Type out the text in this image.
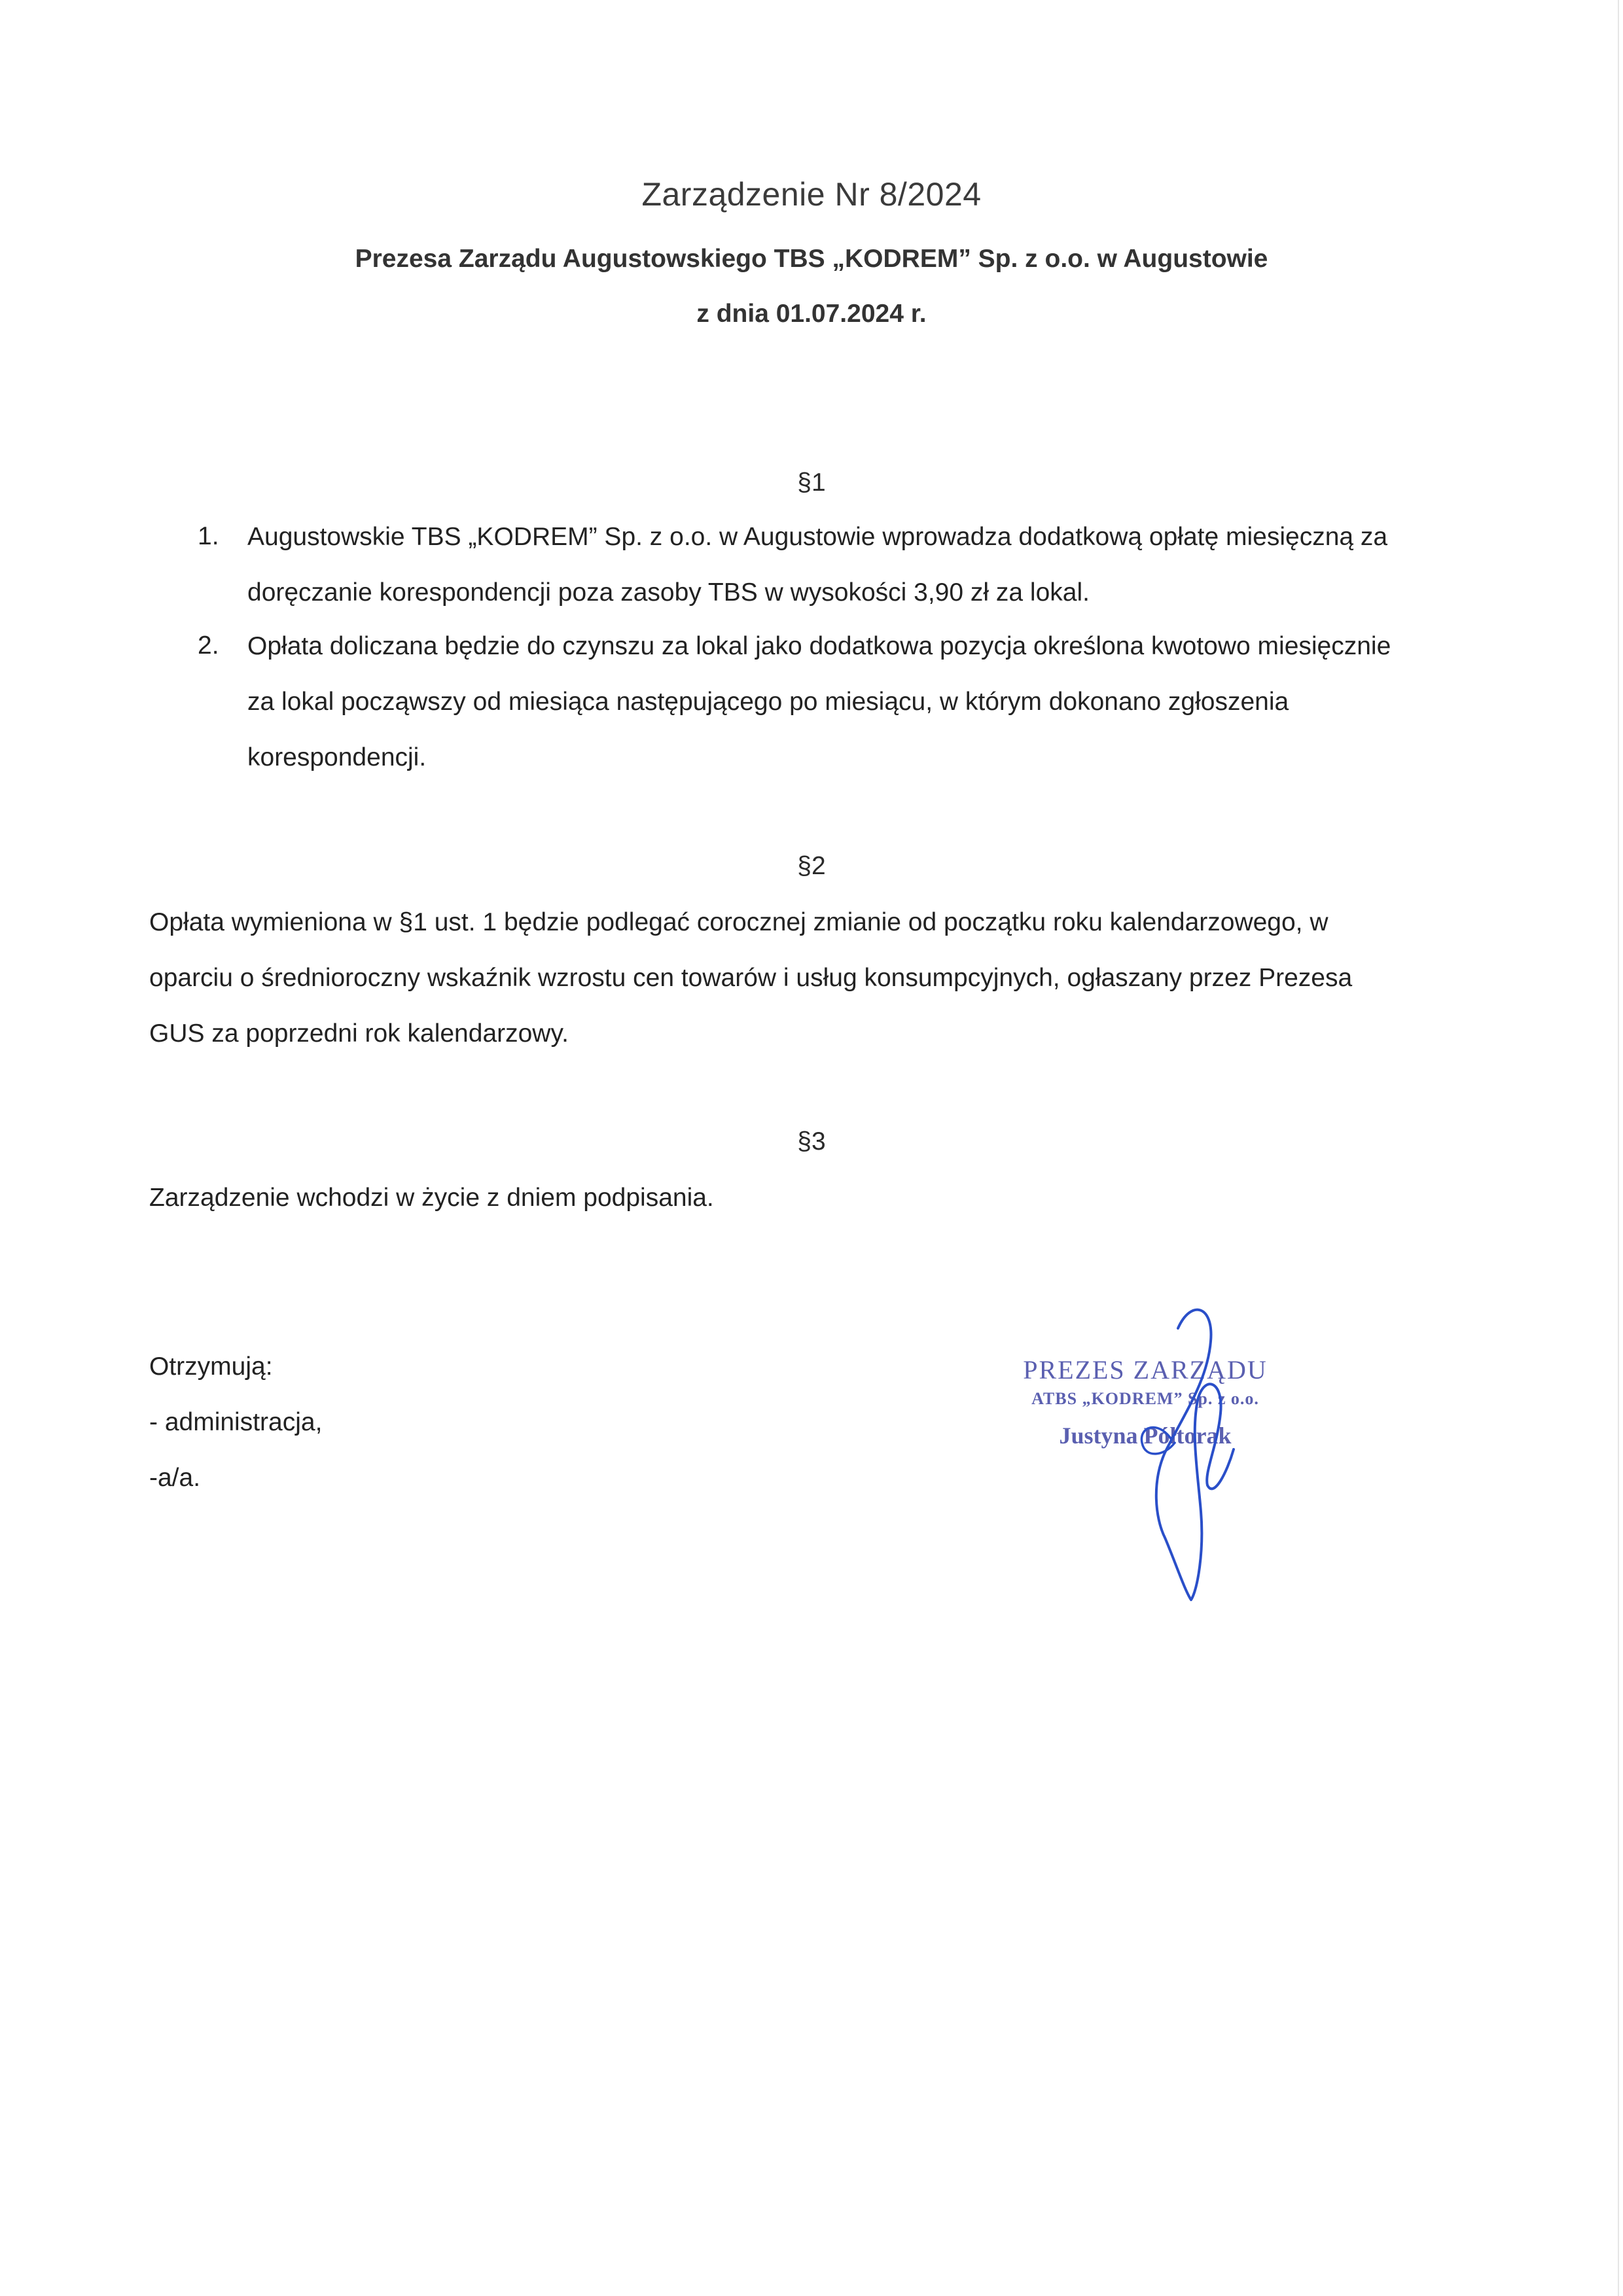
Zarządzenie Nr 8/2024
Prezesa Zarządu Augustowskiego TBS „KODREM” Sp. z o.o. w Augustowie
z dnia 01.07.2024 r.
§1
1. Augustowskie TBS „KODREM” Sp. z o.o. w Augustowie wprowadza dodatkową opłatę miesięczną za
doręczanie korespondencji poza zasoby TBS w wysokości 3,90 zł za lokal.
2. Opłata doliczana będzie do czynszu za lokal jako dodatkowa pozycja określona kwotowo miesięcznie
za lokal począwszy od miesiąca następującego po miesiącu, w którym dokonano zgłoszenia
korespondencji.
§2
Opłata wymieniona w §1 ust. 1 będzie podlegać corocznej zmianie od początku roku kalendarzowego, w
oparciu o średnioroczny wskaźnik wzrostu cen towarów i usług konsumpcyjnych, ogłaszany przez Prezesa
GUS za poprzedni rok kalendarzowy.
§3
Zarządzenie wchodzi w życie z dniem podpisania.
Otrzymują:
- administracja,
-a/a.
PREZES ZARZĄDU
ATBS „KODREM” Sp. z o.o.
Justyna Półtorak
